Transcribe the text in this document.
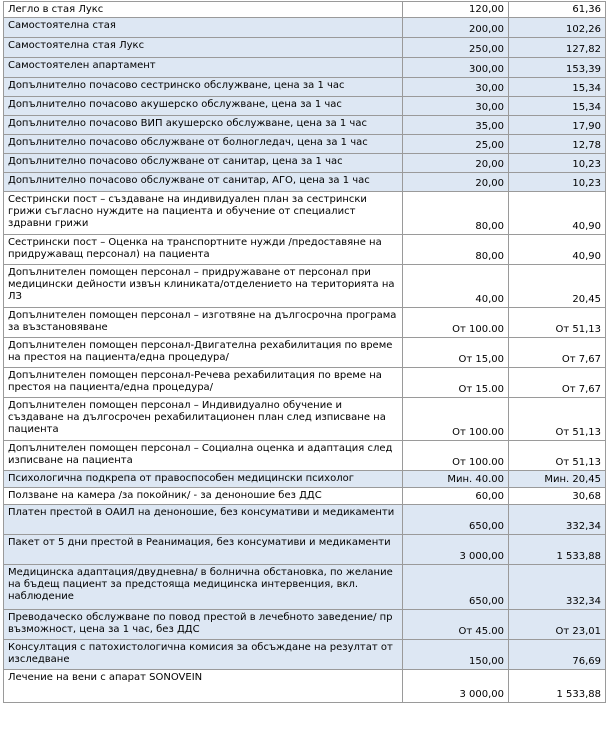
Легло в стая Лукс	120,00	61,36
Самостоятелна стая	200,00	102,26
Самостоятелна стая Лукс	250,00	127,82
Самостоятелен апартамент	300,00	153,39
Допълнително почасово сестринско обслужване, цена за 1 час	30,00	15,34
Допълнително почасово акушерско обслужване, цена за 1 час	30,00	15,34
Допълнително почасово ВИП акушерско обслужване, цена за 1 час	35,00	17,90
Допълнително почасово обслужване от болногледач, цена за 1 час	25,00	12,78
Допълнително почасово обслужване от санитар, цена за 1 час	20,00	10,23
Допълнително почасово обслужване от санитар, АГО, цена за 1 час	20,00	10,23
Сестрински пост – създаване на индивидуален план за сестрински грижи съгласно нуждите на пациента и обучение от специалист здравни грижи	80,00	40,90
Сестрински пост – Оценка на транспортните нужди /предоставяне на придружаващ персонал) на пациента	80,00	40,90
Допълнителен помощен персонал – придружаване от персонал при медицински дейности извън клиниката/отделението на територията на ЛЗ	40,00	20,45
Допълнителен помощен персонал – изготвяне на дългосрочна програма за възстановяване	От 100.00	От 51,13
Допълнителен помощен персонал-Двигателна рехабилитация по време на престоя на пациента/една процедура/	От 15,00	От 7,67
Допълнителен помощен персонал-Речева рехабилитация по време на престоя на пациента/една процедура/	От 15.00	От 7,67
Допълнителен помощен персонал – Индивидуално обучение и създаване на дългосрочен рехабилитационен план след изписване на пациента	От 100.00	От 51,13
Допълнителен помощен персонал – Социална оценка и адаптация след изписване на пациента	От 100.00	От 51,13
Психологична подкрепа от правоспособен медицински психолог	Мин. 40.00	Мин. 20,45
Ползване на камера /за покойник/ - за деноношие без ДДС	60,00	30,68
Платен престой в ОАИЛ на деноношие, без консумативи и медикаменти	650,00	332,34
Пакет от 5 дни престой в Реанимация, без консумативи и медикаменти	3 000,00	1 533,88
Медицинска адаптация/двудневна/ в болнична обстановка, по желание на бъдещ пациент за предстояща медицинска интервенция, вкл. наблюдение	650,00	332,34
Преводаческо обслужване по повод престой в лечебното заведение/ пр възможност, цена за 1 час, без ДДС	От 45.00	От 23,01
Консултация с патохистологична комисия за обсъждане на резултат от изследване	150,00	76,69
Лечение на вени с апарат SONOVEIN	3 000,00	1 533,88
